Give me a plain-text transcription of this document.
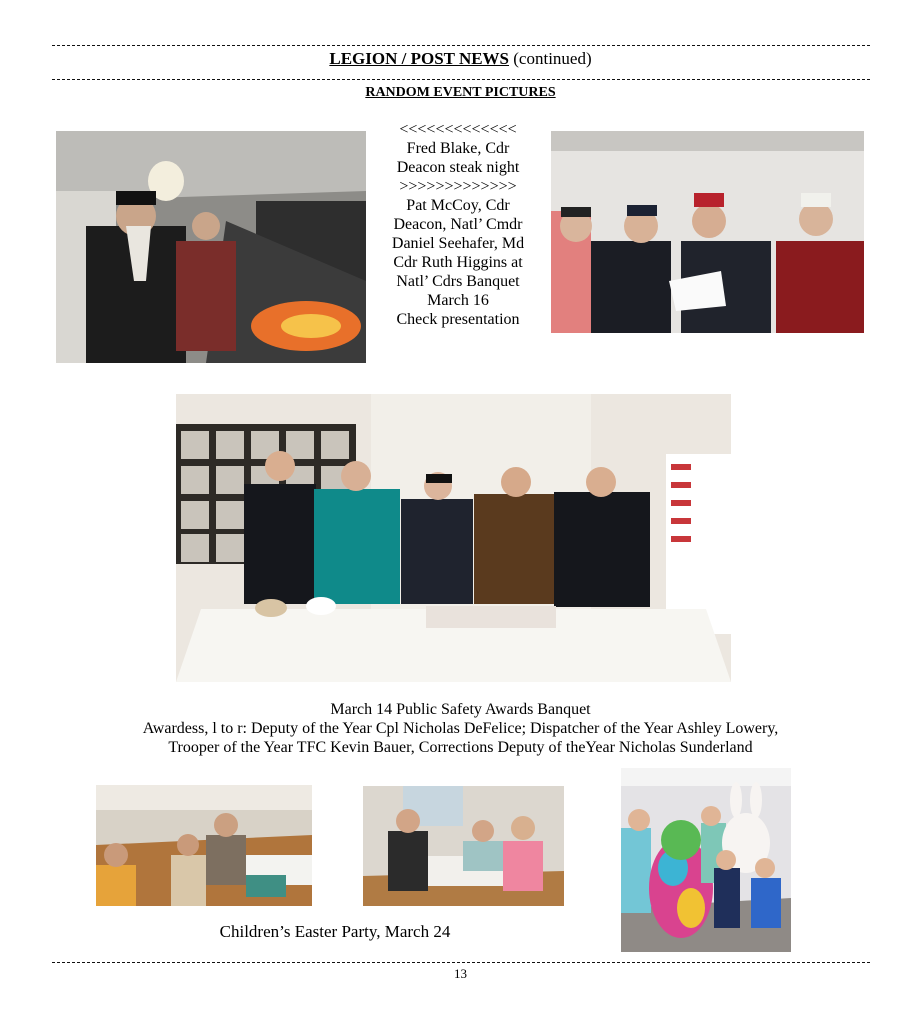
LEGION / POST NEWS (continued)
RANDOM EVENT PICTURES
<<<<<<<<<<<<<
Fred Blake, Cdr
Deacon steak night
>>>>>>>>>>>>>
Pat McCoy, Cdr
Deacon, Natl’ Cmdr
Daniel Seehafer, Md
Cdr Ruth Higgins at
Natl’ Cdrs Banquet
March 16
Check presentation
March 14 Public Safety Awards Banquet
Awardess, l to r: Deputy of the Year Cpl Nicholas DeFelice; Dispatcher of the Year Ashley Lowery,
Trooper of the Year TFC Kevin Bauer, Corrections Deputy of theYear Nicholas Sunderland
Children’s Easter Party, March 24
13
